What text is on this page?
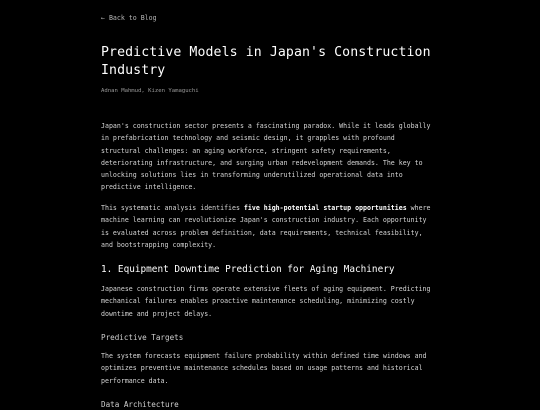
← Back to Blog
Predictive Models in Japan's Construction
Industry
Adnan Mahmud, Kizen Yamaguchi

Japan's construction sector presents a fascinating paradox. While it leads globally
in prefabrication technology and seismic design, it grapples with profound
structural challenges: an aging workforce, stringent safety requirements,
deteriorating infrastructure, and surging urban redevelopment demands. The key to
unlocking solutions lies in transforming underutilized operational data into
predictive intelligence.

This systematic analysis identifies five high-potential startup opportunities where
machine learning can revolutionize Japan's construction industry. Each opportunity
is evaluated across problem definition, data requirements, technical feasibility,
and bootstrapping complexity.

1. Equipment Downtime Prediction for Aging Machinery

Japanese construction firms operate extensive fleets of aging equipment. Predicting
mechanical failures enables proactive maintenance scheduling, minimizing costly
downtime and project delays.

Predictive Targets

The system forecasts equipment failure probability within defined time windows and
optimizes preventive maintenance schedules based on usage patterns and historical
performance data.

Data Architecture
